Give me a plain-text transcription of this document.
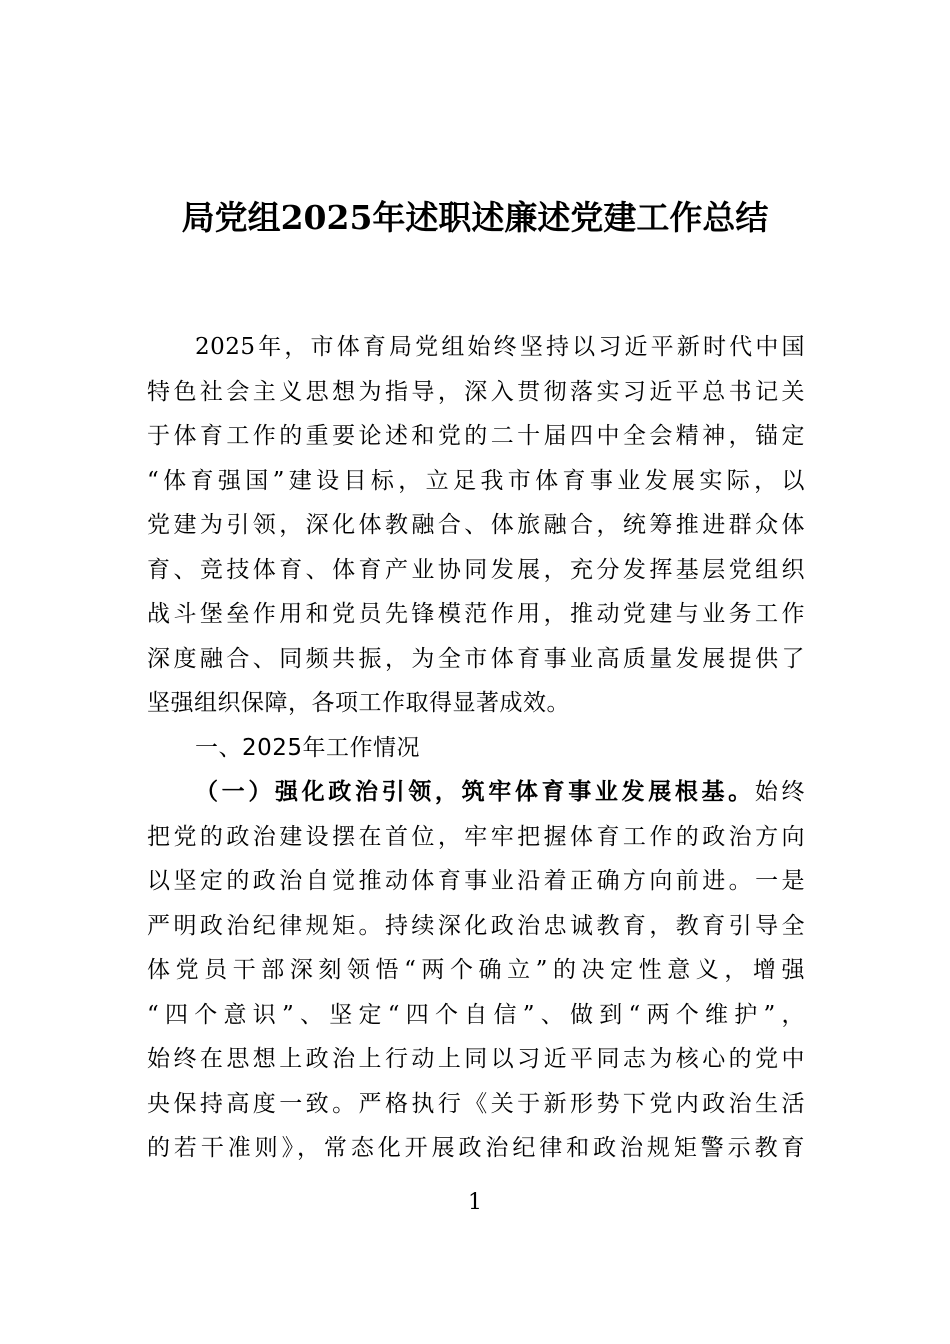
局党组2025年述职述廉述党建工作总结
2025年，市体育局党组始终坚持以习近平新时代中国
特色社会主义思想为指导，深入贯彻落实习近平总书记关
于体育工作的重要论述和党的二十届四中全会精神，锚定
“体育强国”建设目标，立足我市体育事业发展实际，以
党建为引领，深化体教融合、体旅融合，统筹推进群众体
育、竞技体育、体育产业协同发展，充分发挥基层党组织
战斗堡垒作用和党员先锋模范作用，推动党建与业务工作
深度融合、同频共振，为全市体育事业高质量发展提供了
坚强组织保障，各项工作取得显著成效。
一、2025年工作情况
（一）强化政治引领，筑牢体育事业发展根基。始终
把党的政治建设摆在首位，牢牢把握体育工作的政治方向
以坚定的政治自觉推动体育事业沿着正确方向前进。一是
严明政治纪律规矩。持续深化政治忠诚教育，教育引导全
体党员干部深刻领悟“两个确立”的决定性意义，增强
“四个意识”、坚定“四个自信”、做到“两个维护”，
始终在思想上政治上行动上同以习近平同志为核心的党中
央保持高度一致。严格执行《关于新形势下党内政治生活
的若干准则》，常态化开展政治纪律和政治规矩警示教育
1
